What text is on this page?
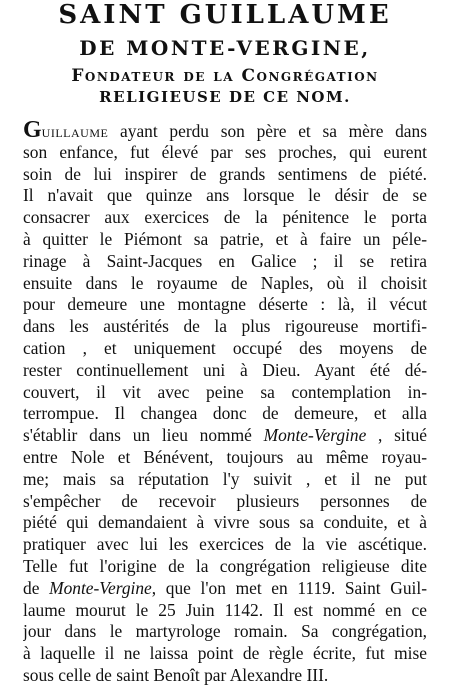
SAINT GUILLAUME
DE MONTE-VERGINE,
Fondateur de la Congrégation
RELIGIEUSE DE CE NOM.
Guillaume ayant perdu son père et sa mère dans
son enfance, fut élevé par ses proches, qui eurent
soin de lui inspirer de grands sentimens de piété.
Il n'avait que quinze ans lorsque le désir de se
consacrer aux exercices de la pénitence le porta
à quitter le Piémont sa patrie, et à faire un péle-
rinage à Saint-Jacques en Galice ; il se retira
ensuite dans le royaume de Naples, où il choisit
pour demeure une montagne déserte : là, il vécut
dans les austérités de la plus rigoureuse mortifi-
cation , et uniquement occupé des moyens de
rester continuellement uni à Dieu. Ayant été dé-
couvert, il vit avec peine sa contemplation in-
terrompue. Il changea donc de demeure, et alla
s'établir dans un lieu nommé Monte-Vergine , situé
entre Nole et Bénévent, toujours au même royau-
me; mais sa réputation l'y suivit , et il ne put
s'empêcher de recevoir plusieurs personnes de
piété qui demandaient à vivre sous sa conduite, et à
pratiquer avec lui les exercices de la vie ascétique.
Telle fut l'origine de la congrégation religieuse dite
de Monte-Vergine, que l'on met en 1119. Saint Guil-
laume mourut le 25 Juin 1142. Il est nommé en ce
jour dans le martyrologe romain. Sa congrégation,
à laquelle il ne laissa point de règle écrite, fut mise
sous celle de saint Benoît par Alexandre III.
